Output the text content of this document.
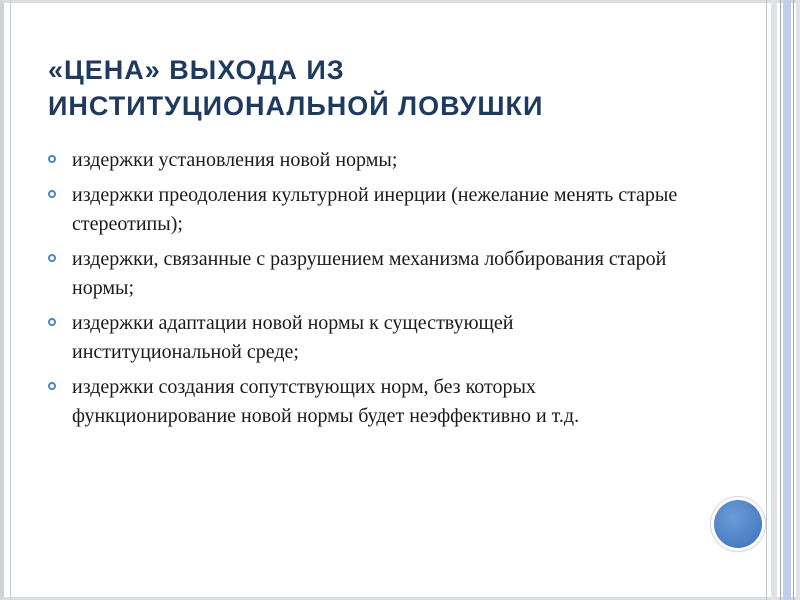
«ЦЕНА» ВЫХОДА ИЗ
ИНСТИТУЦИОНАЛЬНОЙ ЛОВУШКИ
издержки установления новой нормы;
издержки преодоления культурной инерции (нежелание менять старые стереотипы);
издержки, связанные с разрушением механизма лоббирования старой нормы;
издержки адаптации новой нормы к существующей институциональной среде;
издержки создания сопутствующих норм, без которых функционирование новой нормы будет неэффективно и т.д.
